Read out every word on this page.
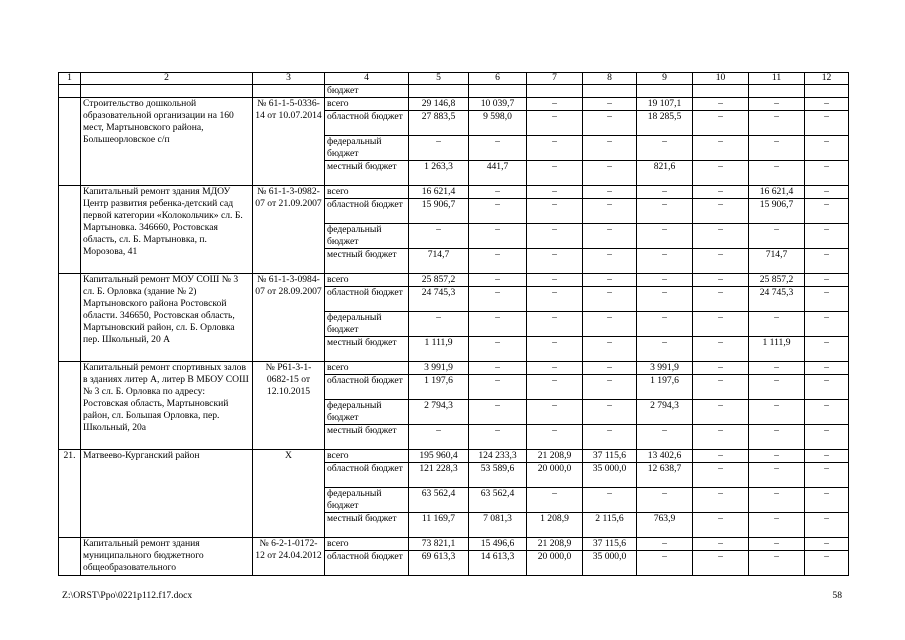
1	2	3	4	5	6	7	8	9	10	11	12
			бюджет								
	Строительство дошкольной образовательной организации на 160 мест, Мартыновского района, Большеорловское с/п	№ 61-1-5-0336-14 от 10.07.2014	всего	29 146,8	10 039,7	–	–	19 107,1	–	–	–
			областной бюджет	27 883,5	9 598,0	–	–	18 285,5	–	–	–
			федеральный бюджет	–	–	–	–	–	–	–	–
			местный бюджет	1 263,3	441,7	–	–	821,6	–	–	–
	Капитальный ремонт здания МДОУ Центр развития ребенка-детский сад первой категории «Колокольчик» сл. Б. Мартыновка. 346660, Ростовская область, сл. Б. Мартыновка, п. Морозова, 41	№ 61-1-3-0982-07 от 21.09.2007	всего	16 621,4	–	–	–	–	–	16 621,4	–
			областной бюджет	15 906,7	–	–	–	–	–	15 906,7	–
			федеральный бюджет	–	–	–	–	–	–	–	–
			местный бюджет	714,7	–	–	–	–	–	714,7	–
	Капитальный ремонт МОУ СОШ № 3 сл. Б. Орловка (здание № 2) Мартыновского района Ростовской области. 346650, Ростовская область, Мартыновский район, сл. Б. Орловка пер. Школьный, 20 А	№ 61-1-3-0984-07 от 28.09.2007	всего	25 857,2	–	–	–	–	–	25 857,2	–
			областной бюджет	24 745,3	–	–	–	–	–	24 745,3	–
			федеральный бюджет	–	–	–	–	–	–	–	–
			местный бюджет	1 111,9	–	–	–	–	–	1 111,9	–
	Капитальный ремонт спортивных залов в зданиях литер А, литер В МБОУ СОШ № 3 сл. Б. Орловка по адресу: Ростовская область, Мартыновский район, сл. Большая Орловка, пер. Школьный, 20а	№ Р61-3-1-0682-15 от 12.10.2015	всего	3 991,9	–	–	–	3 991,9	–	–	–
			областной бюджет	1 197,6	–	–	–	1 197,6	–	–	–
			федеральный бюджет	2 794,3	–	–	–	2 794,3	–	–	–
			местный бюджет	–	–	–	–	–	–	–	–
21.	Матвеево-Курганский район	Х	всего	195 960,4	124 233,3	21 208,9	37 115,6	13 402,6	–	–	–
			областной бюджет	121 228,3	53 589,6	20 000,0	35 000,0	12 638,7	–	–	–
			федеральный бюджет	63 562,4	63 562,4	–	–	–	–	–	–
			местный бюджет	11 169,7	7 081,3	1 208,9	2 115,6	763,9	–	–	–
	Капитальный ремонт здания муниципального бюджетного общеобразовательного	№ 6-2-1-0172-12 от 24.04.2012	всего	73 821,1	15 496,6	21 208,9	37 115,6	–	–	–	–
			областной бюджет	69 613,3	14 613,3	20 000,0	35 000,0	–	–	–	–
Z:\ORST\Ppo\0221p112.f17.docx	58
